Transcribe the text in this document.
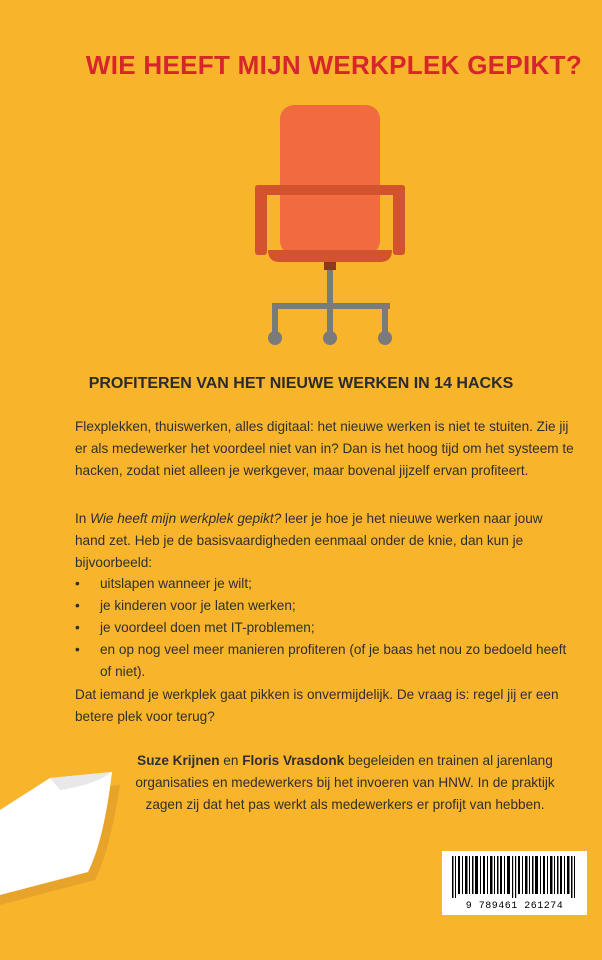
WIE HEEFT MIJN WERKPLEK GEPIKT?
PROFITEREN VAN HET NIEUWE WERKEN IN 14 HACKS
Flexplekken, thuiswerken, alles digitaal: het nieuwe werken is niet te stuiten. Zie jij er als medewerker het voordeel niet van in? Dan is het hoog tijd om het systeem te hacken, zodat niet alleen je werkgever, maar bovenal jijzelf ervan profiteert.
In Wie heeft mijn werkplek gepikt? leer je hoe je het nieuwe werken naar jouw hand zet. Heb je de basisvaardigheden eenmaal onder de knie, dan kun je bijvoorbeeld:
• uitslapen wanneer je wilt;
• je kinderen voor je laten werken;
• je voordeel doen met IT-problemen;
• en op nog veel meer manieren profiteren (of je baas het nou zo bedoeld heeft of niet).
Dat iemand je werkplek gaat pikken is onvermijdelijk. De vraag is: regel jij er een betere plek voor terug?
Suze Krijnen en Floris Vrasdonk begeleiden en trainen al jarenlang organisaties en medewerkers bij het invoeren van HNW. In de praktijk zagen zij dat het pas werkt als medewerkers er profijt van hebben.
9 789461 261274
